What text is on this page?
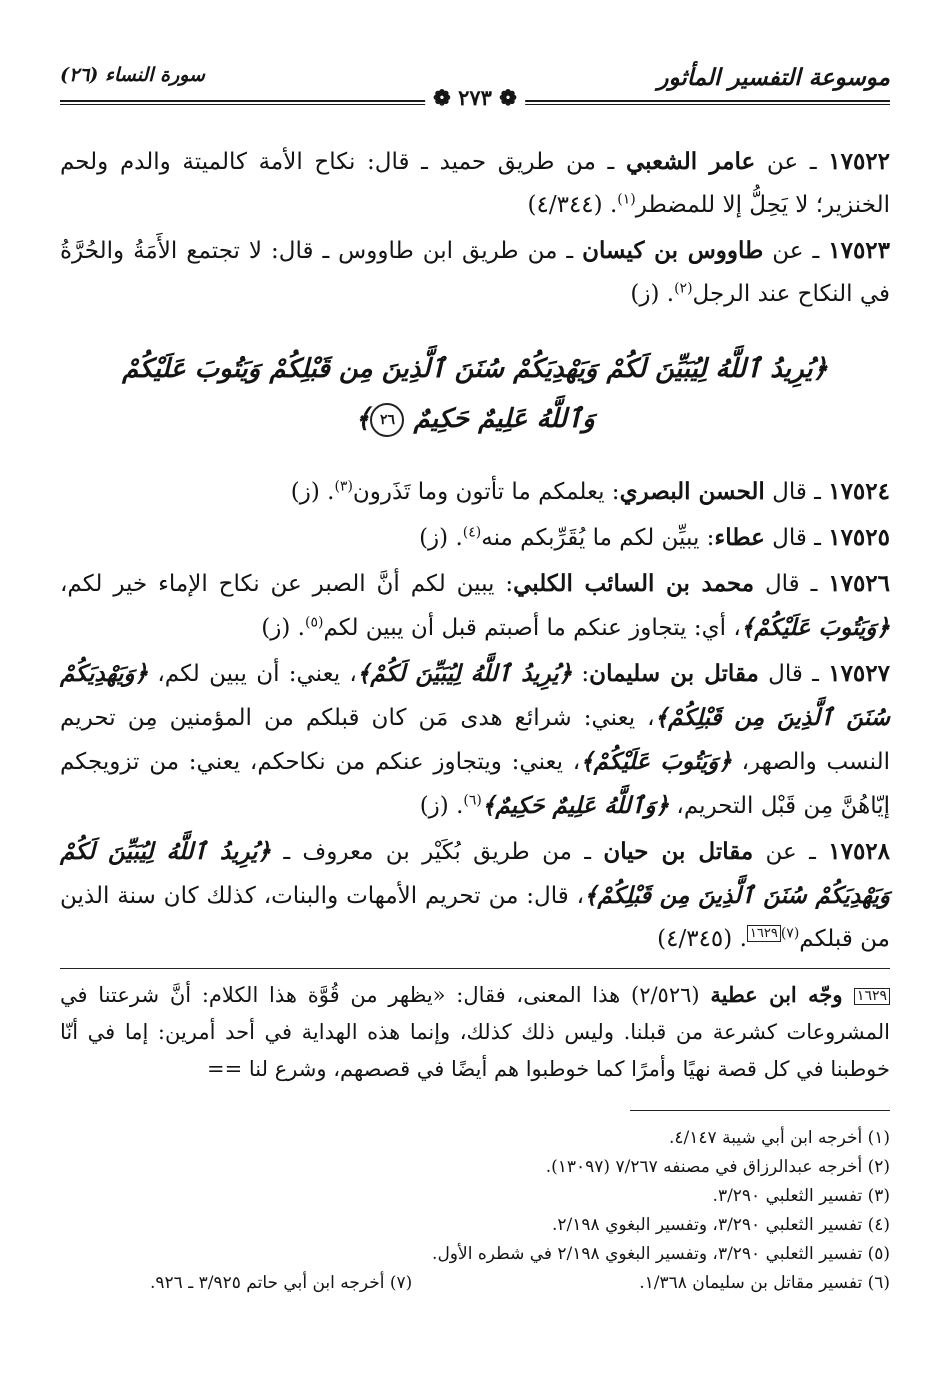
موسوعة التفسير المأثور
سورة النساء (٢٦)
❁ ٢٧٣ ❁

١٧٥٢٢ ـ عن عامر الشعبي ـ من طريق حميد ـ قال: نكاح الأمة كالميتة والدم ولحم الخنزير؛ لا يَحِلُّ إلا للمضطر$^{(١)}$. (٤/٣٤٤)

١٧٥٢٣ ـ عن طاووس بن كيسان ـ من طريق ابن طاووس ـ قال: لا تجتمع الأَمَةُ والحُرَّةُ في النكاح عند الرجل$^{(٢)}$. (ز)

﴿يُرِيدُ ٱللَّهُ لِيُبَيِّنَ لَكُمْ وَيَهْدِيَكُمْ سُنَنَ ٱلَّذِينَ مِن قَبْلِكُمْ وَيَتُوبَ عَلَيْكُمْ
وَٱللَّهُ عَلِيمٌ حَكِيمٌ ٢٦﴾

١٧٥٢٤ ـ قال الحسن البصري: يعلمكم ما تأتون وما تَذَرون$^{(٣)}$. (ز)

١٧٥٢٥ ـ قال عطاء: يبيِّن لكم ما يُقَرِّبكم منه$^{(٤)}$. (ز)

١٧٥٢٦ ـ قال محمد بن السائب الكلبي: يبين لكم أنَّ الصبر عن نكاح الإماء خير لكم، ﴿وَيَتُوبَ عَلَيْكُمْ﴾، أي: يتجاوز عنكم ما أصبتم قبل أن يبين لكم$^{(٥)}$. (ز)

١٧٥٢٧ ـ قال مقاتل بن سليمان: ﴿يُرِيدُ ٱللَّهُ لِيُبَيِّنَ لَكُمْ﴾، يعني: أن يبين لكم، ﴿وَيَهْدِيَكُمْ سُنَنَ ٱلَّذِينَ مِن قَبْلِكُمْ﴾، يعني: شرائع هدى مَن كان قبلكم من المؤمنين مِن تحريم النسب والصهر، ﴿وَيَتُوبَ عَلَيْكُمْ﴾، يعني: ويتجاوز عنكم من نكاحكم، يعني: من تزويجكم إيّاهُنَّ مِن قَبْل التحريم، ﴿وَٱللَّهُ عَلِيمٌ حَكِيمٌ﴾$^{(٦)}$. (ز)

١٧٥٢٨ ـ عن مقاتل بن حيان ـ من طريق بُكَيْر بن معروف ـ ﴿يُرِيدُ ٱللَّهُ لِيُبَيِّنَ لَكُمْ وَيَهْدِيَكُمْ سُنَنَ ٱلَّذِينَ مِن قَبْلِكُمْ﴾، قال: من تحريم الأمهات والبنات، كذلك كان سنة الذين من قبلكم$^{(٧)}$١٦٢٩. (٤/٣٤٥)

١٦٢٩ وجّه ابن عطية (٢/٥٢٦) هذا المعنى، فقال: «يظهر من قُوَّة هذا الكلام: أنَّ شرعتنا في المشروعات كشرعة من قبلنا. وليس ذلك كذلك، وإنما هذه الهداية في أحد أمرين: إما في أنّا خوطبنا في كل قصة نهيًا وأمرًا كما خوطبوا هم أيضًا في قصصهم، وشرع لنا ==
(١) أخرجه ابن أبي شيبة ٤/١٤٧.
(٢) أخرجه عبدالرزاق في مصنفه ٧/٢٦٧ (١٣٠٩٧).
(٣) تفسير الثعلبي ٣/٢٩٠.
(٤) تفسير الثعلبي ٣/٢٩٠، وتفسير البغوي ٢/١٩٨.
(٥) تفسير الثعلبي ٣/٢٩٠، وتفسير البغوي ٢/١٩٨ في شطره الأول.
(٦) تفسير مقاتل بن سليمان ١/٣٦٨.
(٧) أخرجه ابن أبي حاتم ٣/٩٢٥ ـ ٩٢٦.
